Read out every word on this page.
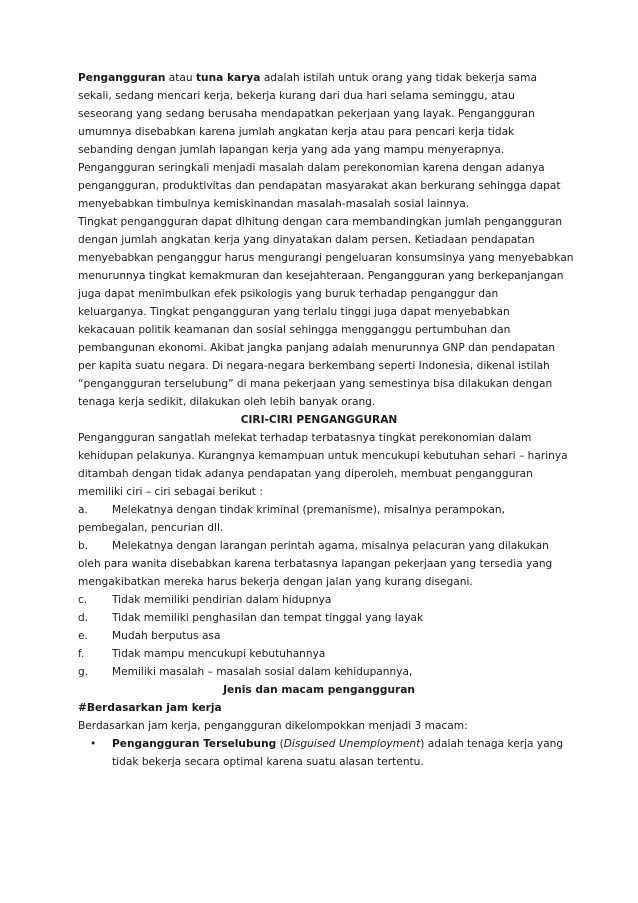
Pengangguran atau tuna karya adalah istilah untuk orang yang tidak bekerja sama
sekali, sedang mencari kerja, bekerja kurang dari dua hari selama seminggu, atau
seseorang yang sedang berusaha mendapatkan pekerjaan yang layak. Pengangguran
umumnya disebabkan karena jumlah angkatan kerja atau para pencari kerja tidak
sebanding dengan jumlah lapangan kerja yang ada yang mampu menyerapnya.
Pengangguran seringkali menjadi masalah dalam perekonomian karena dengan adanya
pengangguran, produktivitas dan pendapatan masyarakat akan berkurang sehingga dapat
menyebabkan timbulnya kemiskinandan masalah-masalah sosial lainnya.
Tingkat pengangguran dapat dihitung dengan cara membandingkan jumlah pengangguran
dengan jumlah angkatan kerja yang dinyatakan dalam persen. Ketiadaan pendapatan
menyebabkan penganggur harus mengurangi pengeluaran konsumsinya yang menyebabkan
menurunnya tingkat kemakmuran dan kesejahteraan. Pengangguran yang berkepanjangan
juga dapat menimbulkan efek psikologis yang buruk terhadap penganggur dan
keluarganya. Tingkat pengangguran yang terlalu tinggi juga dapat menyebabkan
kekacauan politik keamanan dan sosial sehingga mengganggu pertumbuhan dan
pembangunan ekonomi. Akibat jangka panjang adalah menurunnya GNP dan pendapatan
per kapita suatu negara. Di negara-negara berkembang seperti Indonesia, dikenal istilah
“pengangguran terselubung” di mana pekerjaan yang semestinya bisa dilakukan dengan
tenaga kerja sedikit, dilakukan oleh lebih banyak orang.
CIRI-CIRI PENGANGGURAN
Pengangguran sangatlah melekat terhadap terbatasnya tingkat perekonomian dalam
kehidupan pelakunya. Kurangnya kemampuan untuk mencukupi kebutuhan sehari – harinya
ditambah dengan tidak adanya pendapatan yang diperoleh, membuat pengangguran
memiliki ciri – ciri sebagai berikut :
a. Melekatnya dengan tindak kriminal (premanisme), misalnya perampokan,
pembegalan, pencurian dll.
b. Melekatnya dengan larangan perintah agama, misalnya pelacuran yang dilakukan
oleh para wanita disebabkan karena terbatasnya lapangan pekerjaan yang tersedia yang
mengakibatkan mereka harus bekerja dengan jalan yang kurang disegani.
c. Tidak memiliki pendirian dalam hidupnya
d. Tidak memiliki penghasilan dan tempat tinggal yang layak
e. Mudah berputus asa
f.	Tidak mampu mencukupi kebutuhannya
g. Memiliki masalah – masalah sosial dalam kehidupannya,
Jenis dan macam pengangguran
#Berdasarkan jam kerja
Berdasarkan jam kerja, pengangguran dikelompokkan menjadi 3 macam:
• Pengangguran Terselubung (Disguised Unemployment) adalah tenaga kerja yang
tidak bekerja secara optimal karena suatu alasan tertentu.
